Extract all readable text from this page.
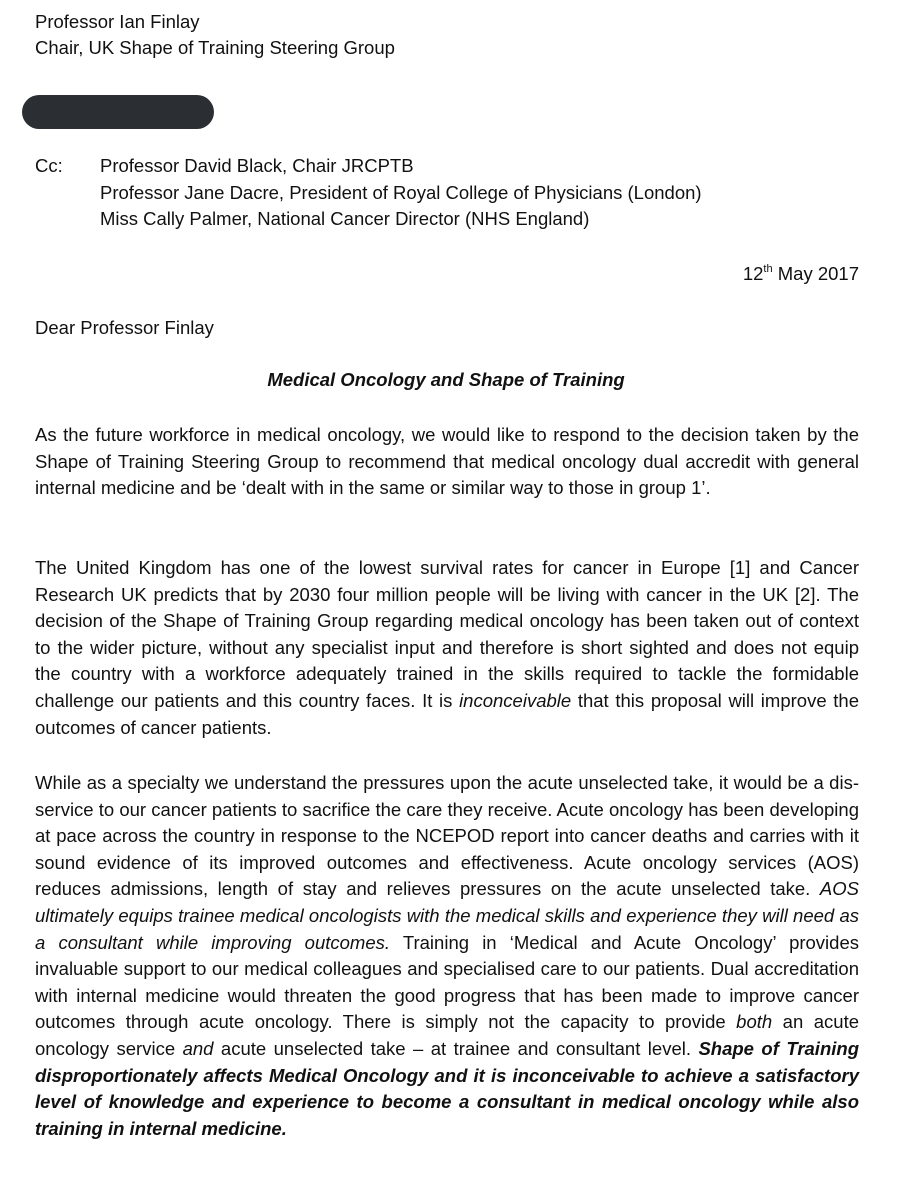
Professor Ian Finlay
Chair, UK Shape of Training Steering Group
Cc: Professor David Black, Chair JRCPTB
Professor Jane Dacre, President of Royal College of Physicians (London)
Miss Cally Palmer, National Cancer Director (NHS England)
12th May 2017
Dear Professor Finlay
Medical Oncology and Shape of Training

As the future workforce in medical oncology, we would like to respond to the decision taken by the Shape of Training Steering Group to recommend that medical oncology dual accredit with general internal medicine and be ‘dealt with in the same or similar way to those in group 1’.

The United Kingdom has one of the lowest survival rates for cancer in Europe [1] and Cancer Research UK predicts that by 2030 four million people will be living with cancer in the UK [2]. The decision of the Shape of Training Group regarding medical oncology has been taken out of context to the wider picture, without any specialist input and therefore is short sighted and does not equip the country with a workforce adequately trained in the skills required to tackle the formidable challenge our patients and this country faces. It is inconceivable that this proposal will improve the outcomes of cancer patients.

While as a specialty we understand the pressures upon the acute unselected take, it would be a dis-service to our cancer patients to sacrifice the care they receive. Acute oncology has been developing at pace across the country in response to the NCEPOD report into cancer deaths and carries with it sound evidence of its improved outcomes and effectiveness. Acute oncology services (AOS) reduces admissions, length of stay and relieves pressures on the acute unselected take. AOS ultimately equips trainee medical oncologists with the medical skills and experience they will need as a consultant while improving outcomes. Training in ‘Medical and Acute Oncology’ provides invaluable support to our medical colleagues and specialised care to our patients. Dual accreditation with internal medicine would threaten the good progress that has been made to improve cancer outcomes through acute oncology. There is simply not the capacity to provide both an acute oncology service and acute unselected take – at trainee and consultant level. Shape of Training disproportionately affects Medical Oncology and it is inconceivable to achieve a satisfactory level of knowledge and experience to become a consultant in medical oncology while also training in internal medicine.
